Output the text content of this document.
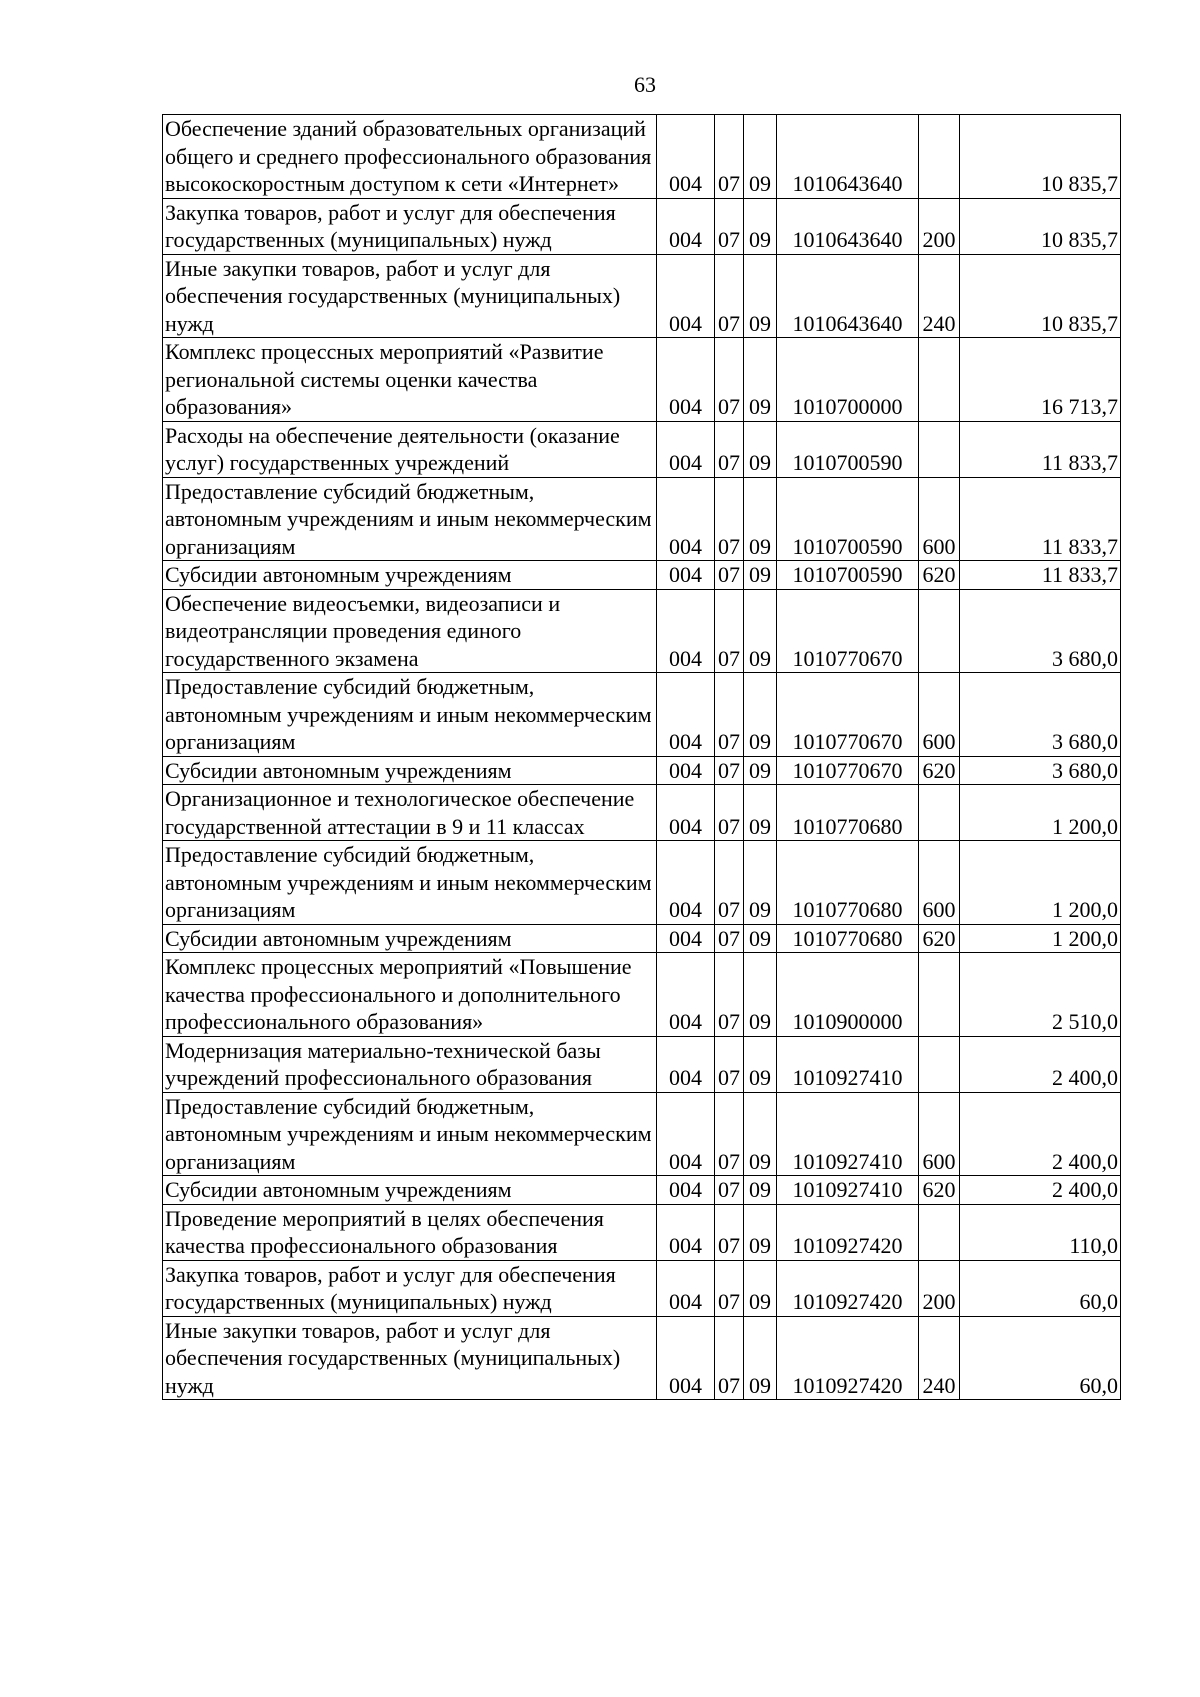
63
Обеспечение зданий образовательных организаций общего и среднего профессионального образования высокоскоростным доступом к сети «Интернет»	004	07	09	1010643640		10 835,7
Закупка товаров, работ и услуг для обеспечения государственных (муниципальных) нужд	004	07	09	1010643640	200	10 835,7
Иные закупки товаров, работ и услуг для обеспечения государственных (муниципальных) нужд	004	07	09	1010643640	240	10 835,7
Комплекс процессных мероприятий «Развитие региональной системы оценки качества образования»	004	07	09	1010700000		16 713,7
Расходы на обеспечение деятельности (оказание услуг) государственных учреждений	004	07	09	1010700590		11 833,7
Предоставление субсидий бюджетным, автономным учреждениям и иным некоммерческим организациям	004	07	09	1010700590	600	11 833,7
Субсидии автономным учреждениям	004	07	09	1010700590	620	11 833,7
Обеспечение видеосъемки, видеозаписи и видеотрансляции проведения единого государственного экзамена	004	07	09	1010770670		3 680,0
Предоставление субсидий бюджетным, автономным учреждениям и иным некоммерческим организациям	004	07	09	1010770670	600	3 680,0
Субсидии автономным учреждениям	004	07	09	1010770670	620	3 680,0
Организационное и технологическое обеспечение государственной аттестации в 9 и 11 классах	004	07	09	1010770680		1 200,0
Предоставление субсидий бюджетным, автономным учреждениям и иным некоммерческим организациям	004	07	09	1010770680	600	1 200,0
Субсидии автономным учреждениям	004	07	09	1010770680	620	1 200,0
Комплекс процессных мероприятий «Повышение качества профессионального и дополнительного профессионального образования»	004	07	09	1010900000		2 510,0
Модернизация материально-технической базы учреждений профессионального образования	004	07	09	1010927410		2 400,0
Предоставление субсидий бюджетным, автономным учреждениям и иным некоммерческим организациям	004	07	09	1010927410	600	2 400,0
Субсидии автономным учреждениям	004	07	09	1010927410	620	2 400,0
Проведение мероприятий в целях обеспечения качества профессионального образования	004	07	09	1010927420		110,0
Закупка товаров, работ и услуг для обеспечения государственных (муниципальных) нужд	004	07	09	1010927420	200	60,0
Иные закупки товаров, работ и услуг для обеспечения государственных (муниципальных) нужд	004	07	09	1010927420	240	60,0
